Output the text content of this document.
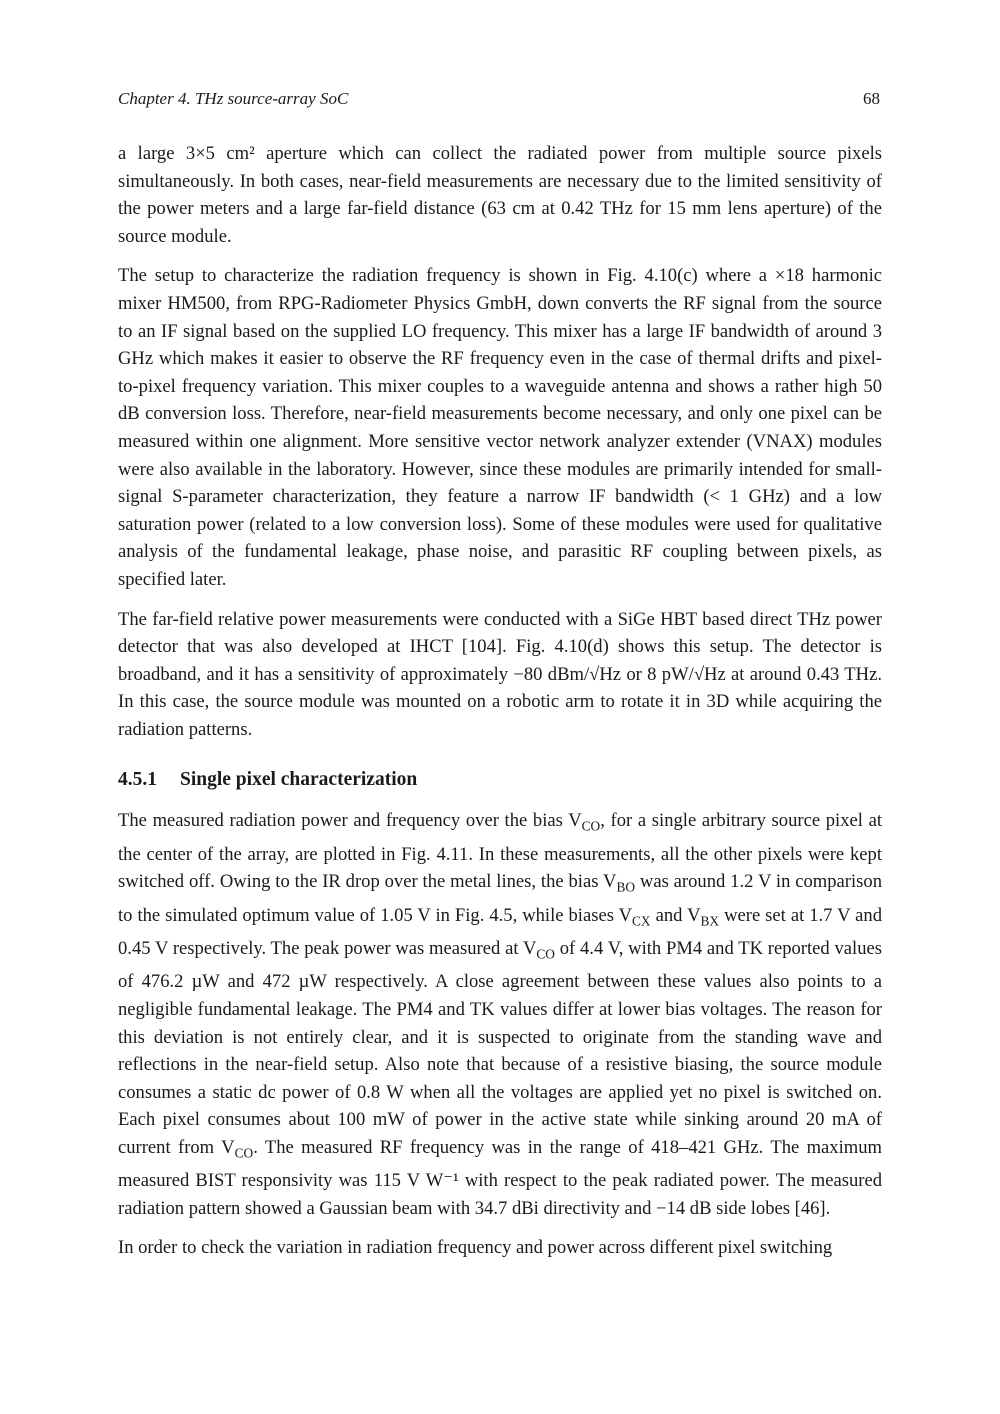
Chapter 4. THz source-array SoC	68

a large 3×5 cm² aperture which can collect the radiated power from multiple source pixels simultaneously. In both cases, near-field measurements are necessary due to the limited sensitivity of the power meters and a large far-field distance (63 cm at 0.42 THz for 15 mm lens aperture) of the source module.

The setup to characterize the radiation frequency is shown in Fig. 4.10(c) where a ×18 harmonic mixer HM500, from RPG-Radiometer Physics GmbH, down converts the RF signal from the source to an IF signal based on the supplied LO frequency. This mixer has a large IF bandwidth of around 3 GHz which makes it easier to observe the RF frequency even in the case of thermal drifts and pixel-to-pixel frequency variation. This mixer couples to a waveguide antenna and shows a rather high 50 dB conversion loss. Therefore, near-field measurements become necessary, and only one pixel can be measured within one alignment. More sensitive vector network analyzer extender (VNAX) modules were also available in the laboratory. However, since these modules are primarily intended for small-signal S-parameter characterization, they feature a narrow IF bandwidth (< 1 GHz) and a low saturation power (related to a low conversion loss). Some of these modules were used for qualitative analysis of the fundamental leakage, phase noise, and parasitic RF coupling between pixels, as specified later.

The far-field relative power measurements were conducted with a SiGe HBT based direct THz power detector that was also developed at IHCT [104]. Fig. 4.10(d) shows this setup. The detector is broadband, and it has a sensitivity of approximately −80 dBm/√Hz or 8 pW/√Hz at around 0.43 THz. In this case, the source module was mounted on a robotic arm to rotate it in 3D while acquiring the radiation patterns.

4.5.1 Single pixel characterization

The measured radiation power and frequency over the bias $V_{CO}$, for a single arbitrary source pixel at the center of the array, are plotted in Fig. 4.11. In these measurements, all the other pixels were kept switched off. Owing to the IR drop over the metal lines, the bias $V_{BO}$ was around 1.2 V in comparison to the simulated optimum value of 1.05 V in Fig. 4.5, while biases $V_{CX}$ and $V_{BX}$ were set at 1.7 V and 0.45 V respectively. The peak power was measured at $V_{CO}$ of 4.4 V, with PM4 and TK reported values of 476.2 µW and 472 µW respectively. A close agreement between these values also points to a negligible fundamental leakage. The PM4 and TK values differ at lower bias voltages. The reason for this deviation is not entirely clear, and it is suspected to originate from the standing wave and reflections in the near-field setup. Also note that because of a resistive biasing, the source module consumes a static dc power of 0.8 W when all the voltages are applied yet no pixel is switched on. Each pixel consumes about 100 mW of power in the active state while sinking around 20 mA of current from $V_{CO}$. The measured RF frequency was in the range of 418–421 GHz. The maximum measured BIST responsivity was 115 V W⁻¹ with respect to the peak radiated power. The measured radiation pattern showed a Gaussian beam with 34.7 dBi directivity and −14 dB side lobes [46].

In order to check the variation in radiation frequency and power across different pixel switching
